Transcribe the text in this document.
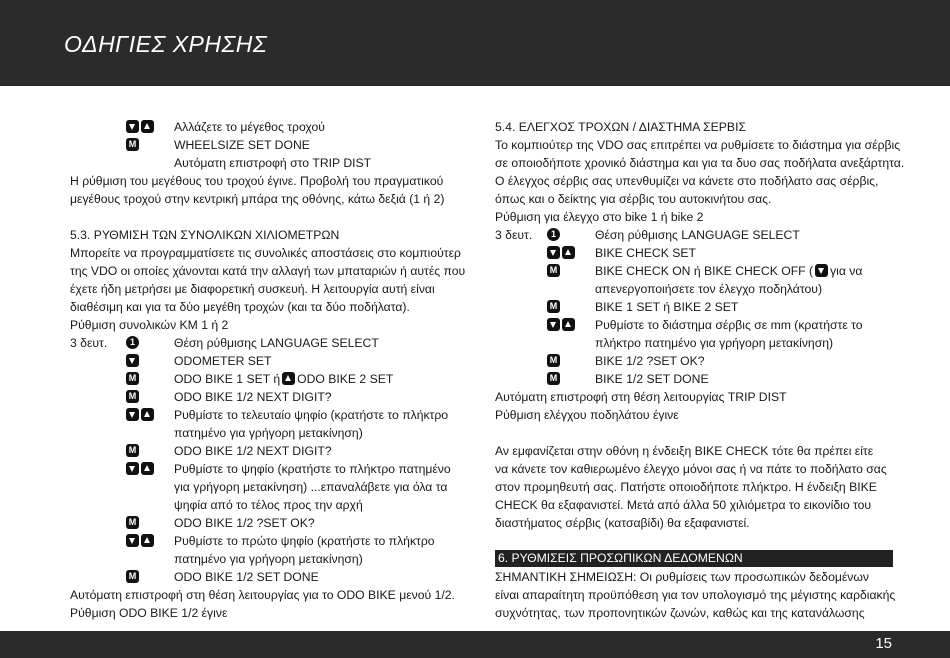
ΟΔΗΓΙΕΣ ΧΡΗΣΗΣ
Αλλάζετε το μέγεθος τροχού
M
WHEELSIZE SET DONE
Αυτόματη επιστροφή στο TRIP DIST
Η ρύθμιση του μεγέθους του τροχού έγινε. Προβολή του πραγματικού
μεγέθους τροχού στην κεντρική μπάρα της οθόνης, κάτω δεξιά (1 ή 2)
5.3. ΡΥΘΜΙΣΗ ΤΩΝ ΣΥΝΟΛΙΚΩΝ ΧΙΛΙΟΜΕΤΡΩΝ
Μπορείτε να προγραμματίσετε τις συνολικές αποστάσεις στο κομπιούτερ
της VDO οι οποίες χάνονται κατά την αλλαγή των μπαταριών ή αυτές που
έχετε ήδη μετρήσει με διαφορετική συσκευή. Η λειτουργία αυτή είναι
διαθέσιμη και για τα δύο μεγέθη τροχών (και τα δύο ποδήλατα).
Ρύθμιση συνολικών ΚΜ 1 ή 2
3 δευτ. 1	Θέση ρύθμισης LANGUAGE SELECT
ODOMETER SET
M
ODO BIKE 1 SET ή ODO BIKE 2 SET
M
ODO BIKE 1/2 NEXT DIGIT?
Ρυθμίστε το τελευταίο ψηφίο (κρατήστε το πλήκτρο πατημένο για γρήγορη μετακίνηση)
M
ODO BIKE 1/2 NEXT DIGIT?
Ρυθμίστε το ψηφίο (κρατήστε το πλήκτρο πατημένο για γρήγορη μετακίνηση) ...επαναλάβετε για όλα τα ψηφία από το τέλος προς την αρχή
M
ODO BIKE 1/2 ?SET OK?
Ρυθμίστε το πρώτο ψηφίο (κρατήστε το πλήκτρο πατημένο για γρήγορη μετακίνηση)
M
ODO BIKE 1/2 SET DONE
Αυτόματη επιστροφή στη θέση λειτουργίας για το ODO BIKE μενού 1/2.
Ρύθμιση ODO BIKE 1/2 έγινε
5.4. ΕΛΕΓΧΟΣ ΤΡΟΧΩΝ / ΔΙΑΣΤΗΜΑ ΣΕΡΒΙΣ
Το κομπιούτερ της VDO σας επιτρέπει να ρυθμίσετε το διάστημα για σέρβις
σε οποιοδήποτε χρονικό διάστημα και για τα δυο σας ποδήλατα ανεξάρτητα.
Ο έλεγχος σέρβις σας υπενθυμίζει να κάνετε στο ποδήλατο σας σέρβις,
όπως και ο δείκτης για σέρβις του αυτοκινήτου σας.
Ρύθμιση για έλεγχο στο bike 1 ή bike 2
3 δευτ. 1	Θέση ρύθμισης LANGUAGE SELECT
BIKE CHECK SET
M
BIKE CHECK ON ή BIKE CHECK OFF ( για να απενεργοποιήσετε τον έλεγχο ποδηλάτου)
M
BIKE 1 SET ή BIKE 2 SET
Ρυθμίστε το διάστημα σέρβις σε mm (κρατήστε το πλήκτρο πατημένο για γρήγορη μετακίνηση)
M
BIKE 1/2 ?SET OK?
M
BIKE 1/2 SET DONE
Αυτόματη επιστροφή στη θέση λειτουργίας TRIP DIST
Ρύθμιση ελέγχου ποδηλάτου έγινε
Αν εμφανίζεται στην οθόνη η ένδειξη BIKE CHECK τότε θα πρέπει είτε
να κάνετε τον καθιερωμένο έλεγχο μόνοι σας ή να πάτε το ποδήλατο σας
στον προμηθευτή σας. Πατήστε οποιοδήποτε πλήκτρο. Η ένδειξη BIKE
CHECK θα εξαφανιστεί. Μετά από άλλα 50 χιλιόμετρα το εικονίδιο του
διαστήματος σέρβις (κατσαβίδι) θα εξαφανιστεί.
6. ΡΥΘΜΙΣΕΙΣ ΠΡΟΣΩΠΙΚΩΝ ΔΕΔΟΜΕΝΩΝ
ΣΗΜΑΝΤΙΚΗ ΣΗΜΕΙΩΣΗ: Οι ρυθμίσεις των προσωπικών δεδομένων
είναι απαραίτητη προϋπόθεση για τον υπολογισμό της μέγιστης καρδιακής
συχνότητας, των προπονητικών ζωνών, καθώς και της κατανάλωσης
15
